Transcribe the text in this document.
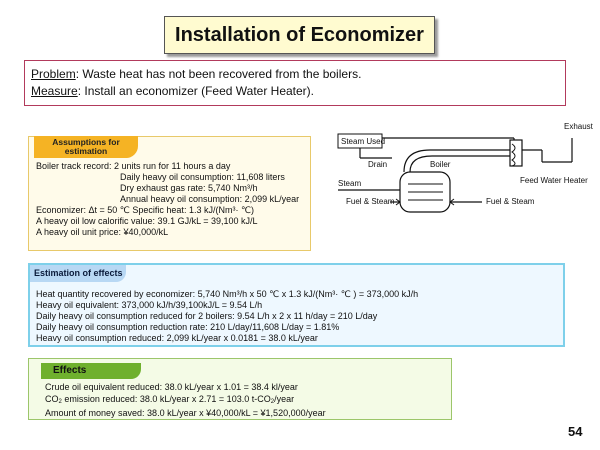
Installation of Economizer
Problem: Waste heat has not been recovered from the boilers.
Measure: Install an economizer (Feed Water Heater).
Steam Used
Drain	Boiler
Exhaust
Feed Water Heater
Steam
Fuel & Steam	Fuel & Steam
Assumptions for
estimation
Boiler track record: 2 units run for 11 hours a day
Daily heavy oil consumption: 11,608 liters
Dry exhaust gas rate: 5,740 Nm³/h
Annual heavy oil consumption: 2,099 kL/year
Economizer: Δt = 50 ℃ Specific heat: 1.3 kJ/(Nm³· ℃)
A heavy oil low calorific value: 39.1 GJ/kL = 39,100 kJ/L
A heavy oil unit price: ¥40,000/kL
Estimation of effects
Heat quantity recovered by economizer: 5,740 Nm³/h x 50 ℃ x 1.3 kJ/(Nm³· ℃ ) = 373,000 kJ/h
Heavy oil equivalent: 373,000 kJ/h/39,100kJ/L = 9.54 L/h
Daily heavy oil consumption reduced for 2 boilers: 9.54 L/h x 2 x 11 h/day = 210 L/day
Daily heavy oil consumption reduction rate: 210 L/day/11,608 L/day = 1.81%
Heavy oil consumption reduced: 2,099 kL/year x 0.0181 = 38.0 kL/year
Effects
Crude oil equivalent reduced: 38.0 kL/year x 1.01 = 38.4 kl/year
$CO_2$ emission reduced: 38.0 kL/year x 2.71 = 103.0 $t-CO_2$/year
Amount of money saved: 38.0 kL/year x ¥40,000/kL = ¥1,520,000/year
54
